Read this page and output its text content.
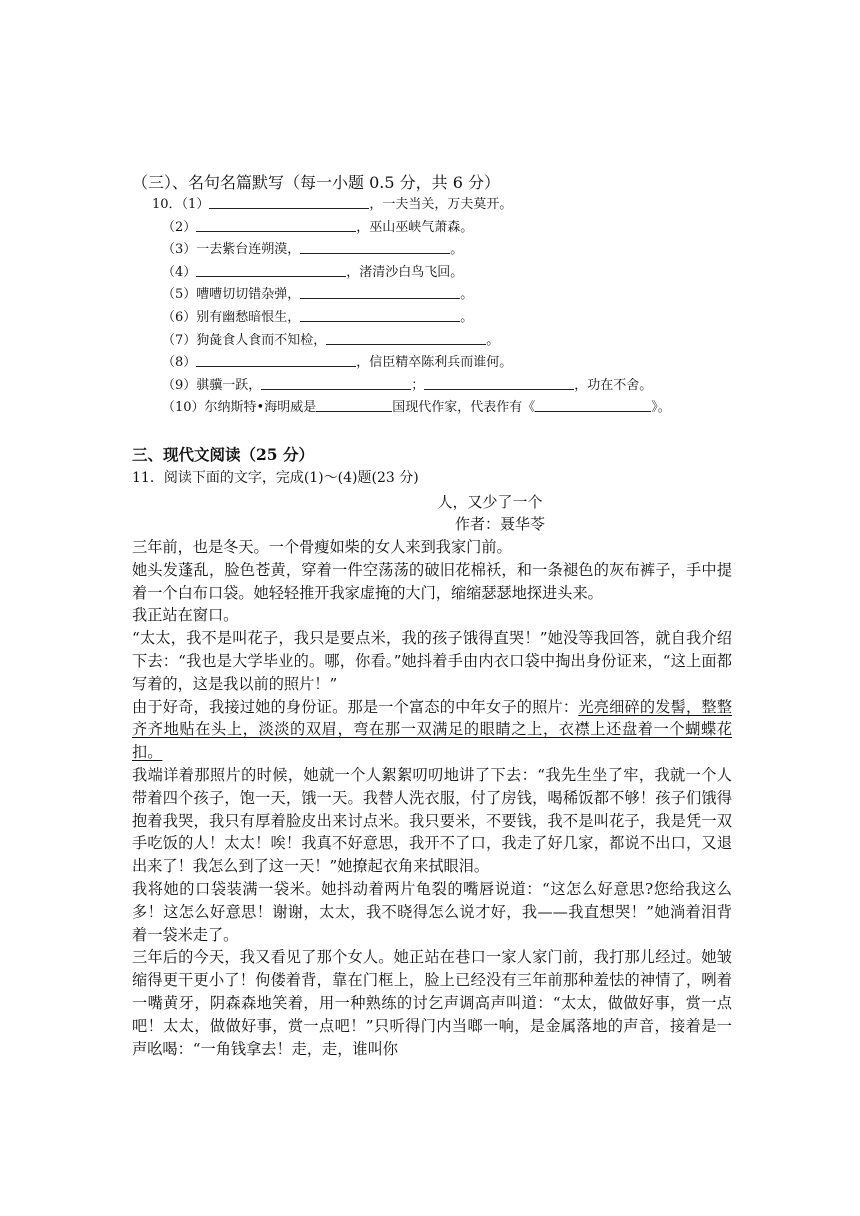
（三）、名句名篇默写（每一小题 0.5 分，共 6 分）
10．（1）	，一夫当关，万夫莫开。
（2）	，巫山巫峡气萧森。
（3）一去紫台连朔漠，	。
（4）	，渚清沙白鸟飞回。
（5）嘈嘈切切错杂弹，	。
（6）别有幽愁暗恨生，	。
（7）狗彘食人食而不知检，	。
（8）	，信臣精卒陈利兵而谁何。
（9）骐骥一跃，	；	，功在不舍。
（10）尔纳斯特•海明威是	国现代作家，代表作有《	》。
三、现代文阅读（25 分）
11．阅读下面的文字，完成(1)～(4)题(23 分)
人，又少了一个
作者：聂华苓

三年前，也是冬天。一个骨瘦如柴的女人来到我家门前。

她头发蓬乱，脸色苍黄，穿着一件空荡荡的破旧花棉袄，和一条褪色的灰布裤子，手中提着一个白布口袋。她轻轻推开我家虚掩的大门，缩缩瑟瑟地探进头来。

我正站在窗口。

“太太，我不是叫花子，我只是要点米，我的孩子饿得直哭！”她没等我回答，就自我介绍下去：“我也是大学毕业的。哪，你看。”她抖着手由内衣口袋中掏出身份证来，“这上面都写着的，这是我以前的照片！”

由于好奇，我接过她的身份证。那是一个富态的中年女子的照片：光亮细碎的发髻，整整齐齐地贴在头上，淡淡的双眉，弯在那一双满足的眼睛之上，衣襟上还盘着一个蝴蝶花扣。

我端详着那照片的时候，她就一个人絮絮叨叨地讲了下去：“我先生坐了牢，我就一个人带着四个孩子，饱一天，饿一天。我替人洗衣服，付了房钱，喝稀饭都不够！孩子们饿得抱着我哭，我只有厚着脸皮出来讨点米。我只要米，不要钱，我不是叫花子，我是凭一双手吃饭的人！太太！唉！我真不好意思，我开不了口，我走了好几家，都说不出口，又退出来了！我怎么到了这一天！”她撩起衣角来拭眼泪。

我将她的口袋装满一袋米。她抖动着两片龟裂的嘴唇说道：“这怎么好意思?您给我这么多！这怎么好意思！谢谢，太太，我不晓得怎么说才好，我——我直想哭！”她淌着泪背着一袋米走了。

三年后的今天，我又看见了那个女人。她正站在巷口一家人家门前，我打那儿经过。她皱缩得更干更小了！佝偻着背，靠在门框上，脸上已经没有三年前那种羞怯的神情了，咧着一嘴黄牙，阴森森地笑着，用一种熟练的讨乞声调高声叫道：“太太，做做好事，赏一点吧！太太，做做好事，赏一点吧！”只听得门内当啷一响，是金属落地的声音，接着是一声吆喝：“一角钱拿去！走，走，谁叫你
